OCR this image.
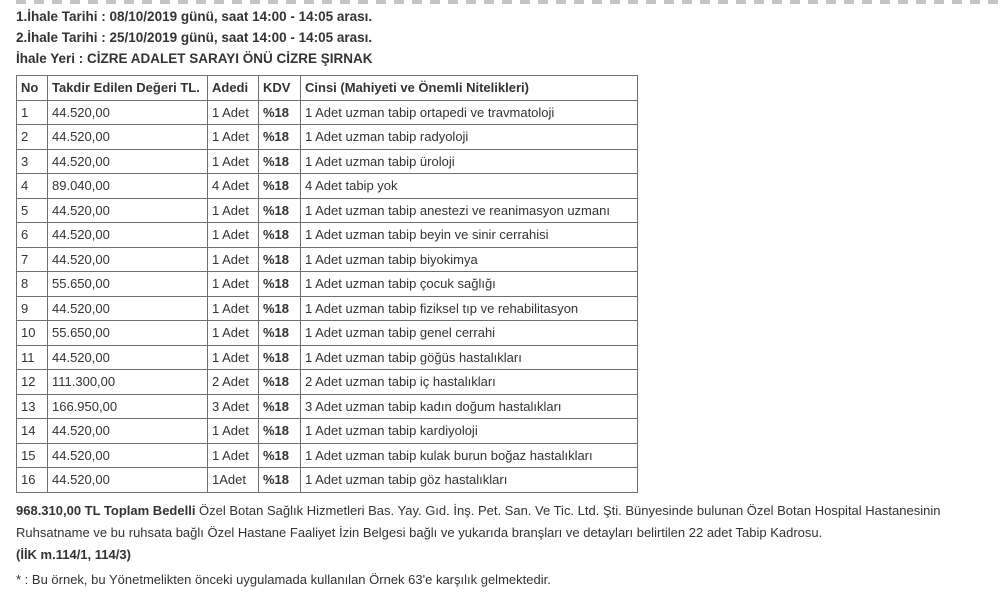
1.İhale Tarihi : 08/10/2019 günü, saat 14:00 - 14:05 arası.
2.İhale Tarihi : 25/10/2019 günü, saat 14:00 - 14:05 arası.
İhale Yeri : CİZRE ADALET SARAYI ÖNÜ CİZRE ŞIRNAK
No	Takdir Edilen Değeri TL.	Adedi	KDV	Cinsi (Mahiyeti ve Önemli Nitelikleri)
1	44.520,00	1 Adet	%18	1 Adet uzman tabip ortapedi ve travmatoloji
2	44.520,00	1 Adet	%18	1 Adet uzman tabip radyoloji
3	44.520,00	1 Adet	%18	1 Adet uzman tabip üroloji
4	89.040,00	4 Adet	%18	4 Adet tabip yok
5	44.520,00	1 Adet	%18	1 Adet uzman tabip anestezi ve reanimasyon uzmanı
6	44.520,00	1 Adet	%18	1 Adet uzman tabip beyin ve sinir cerrahisi
7	44.520,00	1 Adet	%18	1 Adet uzman tabip biyokimya
8	55.650,00	1 Adet	%18	1 Adet uzman tabip çocuk sağlığı
9	44.520,00	1 Adet	%18	1 Adet uzman tabip fiziksel tıp ve rehabilitasyon
10	55.650,00	1 Adet	%18	1 Adet uzman tabip genel cerrahi
11	44.520,00	1 Adet	%18	1 Adet uzman tabip göğüs hastalıkları
12	111.300,00	2 Adet	%18	2 Adet uzman tabip iç hastalıkları
13	166.950,00	3 Adet	%18	3 Adet uzman tabip kadın doğum hastalıkları
14	44.520,00	1 Adet	%18	1 Adet uzman tabip kardiyoloji
15	44.520,00	1 Adet	%18	1 Adet uzman tabip kulak burun boğaz hastalıkları
16	44.520,00	1Adet	%18	1 Adet uzman tabip göz hastalıkları
968.310,00 TL Toplam Bedelli Özel Botan Sağlık Hizmetleri Bas. Yay. Gıd. İnş. Pet. San. Ve Tic. Ltd. Şti. Bünyesinde bulunan Özel Botan Hospital Hastanesinin Ruhsatname ve bu ruhsata bağlı Özel Hastane Faaliyet İzin Belgesi bağlı ve yukarıda branşları ve detayları belirtilen 22 adet Tabip Kadrosu.
(İİK m.114/1, 114/3)
* : Bu örnek, bu Yönetmelikten önceki uygulamada kullanılan Örnek 63'e karşılık gelmektedir.
